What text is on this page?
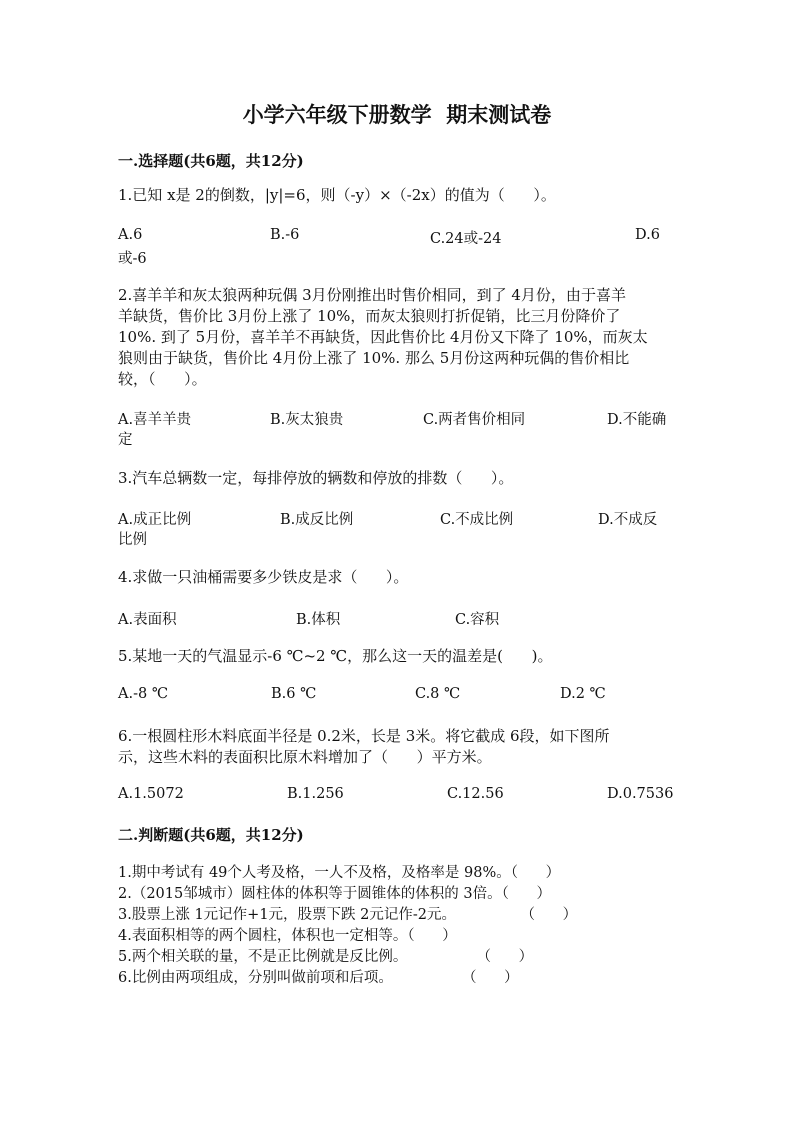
小学六年级下册数学  期末测试卷
一.选择题(共6题，共12分)
1.已知 x是 2的倒数，|y|=6，则（-y）×（-2x）的值为（      ）。
A.6	B.-6	C.24或-24	D.6
或-6
2.喜羊羊和灰太狼两种玩偶 3月份刚推出时售价相同，到了 4月份，由于喜羊
羊缺货，售价比 3月份上涨了 10%，而灰太狼则打折促销，比三月份降价了
10%. 到了 5月份，喜羊羊不再缺货，因此售价比 4月份又下降了 10%，而灰太
狼则由于缺货，售价比 4月份上涨了 10%. 那么 5月份这两种玩偶的售价相比
较，（      ）。
A.喜羊羊贵	B.灰太狼贵	C.两者售价相同	D.不能确
定
3.汽车总辆数一定，每排停放的辆数和停放的排数（      ）。
A.成正比例	B.成反比例	C.不成比例	D.不成反
比例
4.求做一只油桶需要多少铁皮是求（      ）。
A.表面积	B.体积	C.容积
5.某地一天的气温显示-6 ℃~2 ℃，那么这一天的温差是(      )。
A.-8 ℃	B.6 ℃	C.8 ℃	D.2 ℃
6.一根圆柱形木料底面半径是 0.2米，长是 3米。将它截成 6段，如下图所
示，这些木料的表面积比原木料增加了（      ）平方米。
A.1.5072	B.1.256	C.12.56	D.0.7536
二.判断题(共6题，共12分)
1.期中考试有 49个人考及格，一人不及格，及格率是 98%。（      ）
2.（2015邹城市）圆柱体的体积等于圆锥体的体积的 3倍。（      ）
3.股票上涨 1元记作+1元，股票下跌 2元记作-2元。              （      ）
4.表面积相等的两个圆柱，体积也一定相等。（      ）
5.两个相关联的量，不是正比例就是反比例。               （      ）
6.比例由两项组成，分别叫做前项和后项。               （      ）
